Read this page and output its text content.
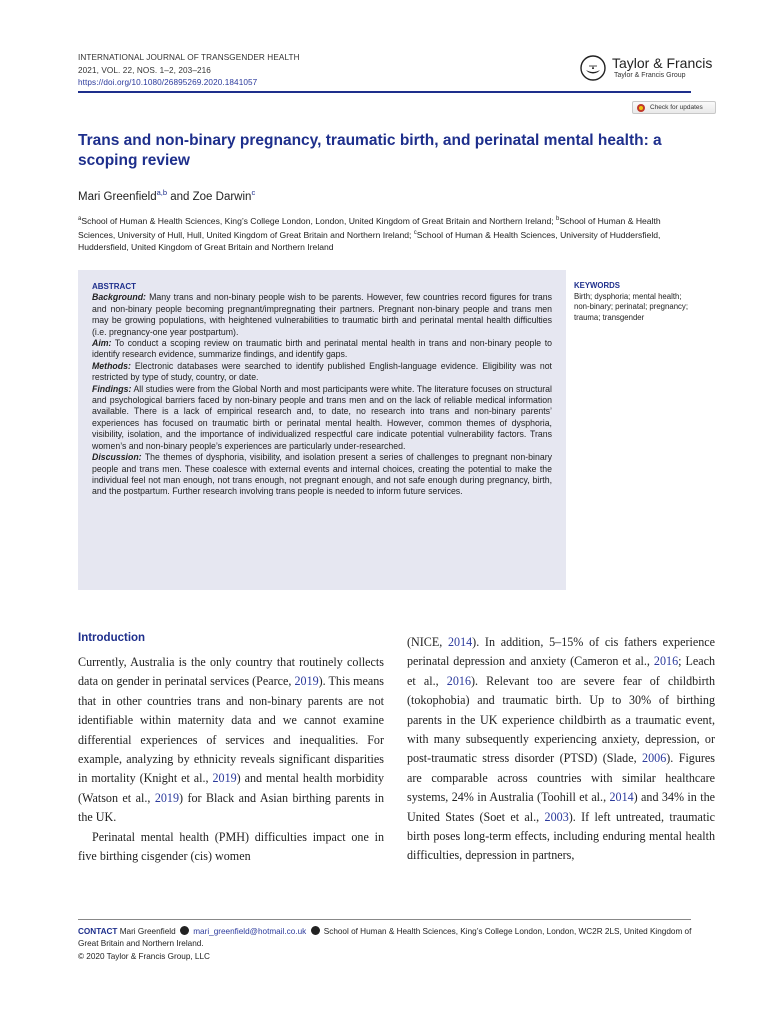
INTERNATIONAL JOURNAL OF TRANSGENDER HEALTH
2021, VOL. 22, NOS. 1–2, 203–216
https://doi.org/10.1080/26895269.2020.1841057
Taylor & Francis
Taylor & Francis Group
Check for updates
Trans and non-binary pregnancy, traumatic birth, and perinatal mental health: a scoping review
Mari Greenfield$^{a,b}$ and Zoe Darwin$^c$
$^a$School of Human & Health Sciences, King’s College London, London, United Kingdom of Great Britain and Northern Ireland; $^b$School of Human & Health Sciences, University of Hull, Hull, United Kingdom of Great Britain and Northern Ireland; $^c$School of Human & Health Sciences, University of Huddersfield, Huddersfield, United Kingdom of Great Britain and Northern Ireland
ABSTRACT
Background: Many trans and non-binary people wish to be parents. However, few countries record figures for trans and non-binary people becoming pregnant/impregnating their partners. Pregnant non-binary people and trans men may be growing populations, with heightened vulnerabilities to traumatic birth and perinatal mental health difficulties (i.e. pregnancy-one year postpartum).
Aim: To conduct a scoping review on traumatic birth and perinatal mental health in trans and non-binary people to identify research evidence, summarize findings, and identify gaps.
Methods: Electronic databases were searched to identify published English-language evidence. Eligibility was not restricted by type of study, country, or date.
Findings: All studies were from the Global North and most participants were white. The literature focuses on structural and psychological barriers faced by non-binary people and trans men and on the lack of reliable medical information available. There is a lack of empirical research and, to date, no research into trans and non-binary parents’ experiences has focused on traumatic birth or perinatal mental health. However, common themes of dysphoria, visibility, isolation, and the importance of individualized respectful care indicate potential vulnerability factors. Trans women’s and non-binary people’s experiences are particularly under-researched.
Discussion: The themes of dysphoria, visibility, and isolation present a series of challenges to pregnant non-binary people and trans men. These coalesce with external events and internal choices, creating the potential to make the individual feel not man enough, not trans enough, not pregnant enough, and not safe enough during pregnancy, birth, and the postpartum. Further research involving trans people is needed to inform future services.
KEYWORDS
Birth; dysphoria; mental health; non-binary; perinatal; pregnancy; trauma; transgender
Introduction
Currently, Australia is the only country that routinely collects data on gender in perinatal services (Pearce, 2019). This means that in other countries trans and non-binary parents are not identifiable within maternity data and we cannot examine differential experiences of services and inequalities. For example, analyzing by ethnicity reveals significant disparities in mortality (Knight et al., 2019) and mental health morbidity (Watson et al., 2019) for Black and Asian birthing parents in the UK.
Perinatal mental health (PMH) difficulties impact one in five birthing cisgender (cis) women
(NICE, 2014). In addition, 5–15% of cis fathers experience perinatal depression and anxiety (Cameron et al., 2016; Leach et al., 2016). Relevant too are severe fear of childbirth (tokophobia) and traumatic birth. Up to 30% of birthing parents in the UK experience childbirth as a traumatic event, with many subsequently experiencing anxiety, depression, or post-traumatic stress disorder (PTSD) (Slade, 2006). Figures are comparable across countries with similar healthcare systems, 24% in Australia (Toohill et al., 2014) and 34% in the United States (Soet et al., 2003). If left untreated, traumatic birth poses long-term effects, including enduring mental health difficulties, depression in partners,
CONTACT Mari Greenfield  mari_greenfield@hotmail.co.uk  School of Human & Health Sciences, King’s College London, London, WC2R 2LS, United Kingdom of Great Britain and Northern Ireland.
© 2020 Taylor & Francis Group, LLC
